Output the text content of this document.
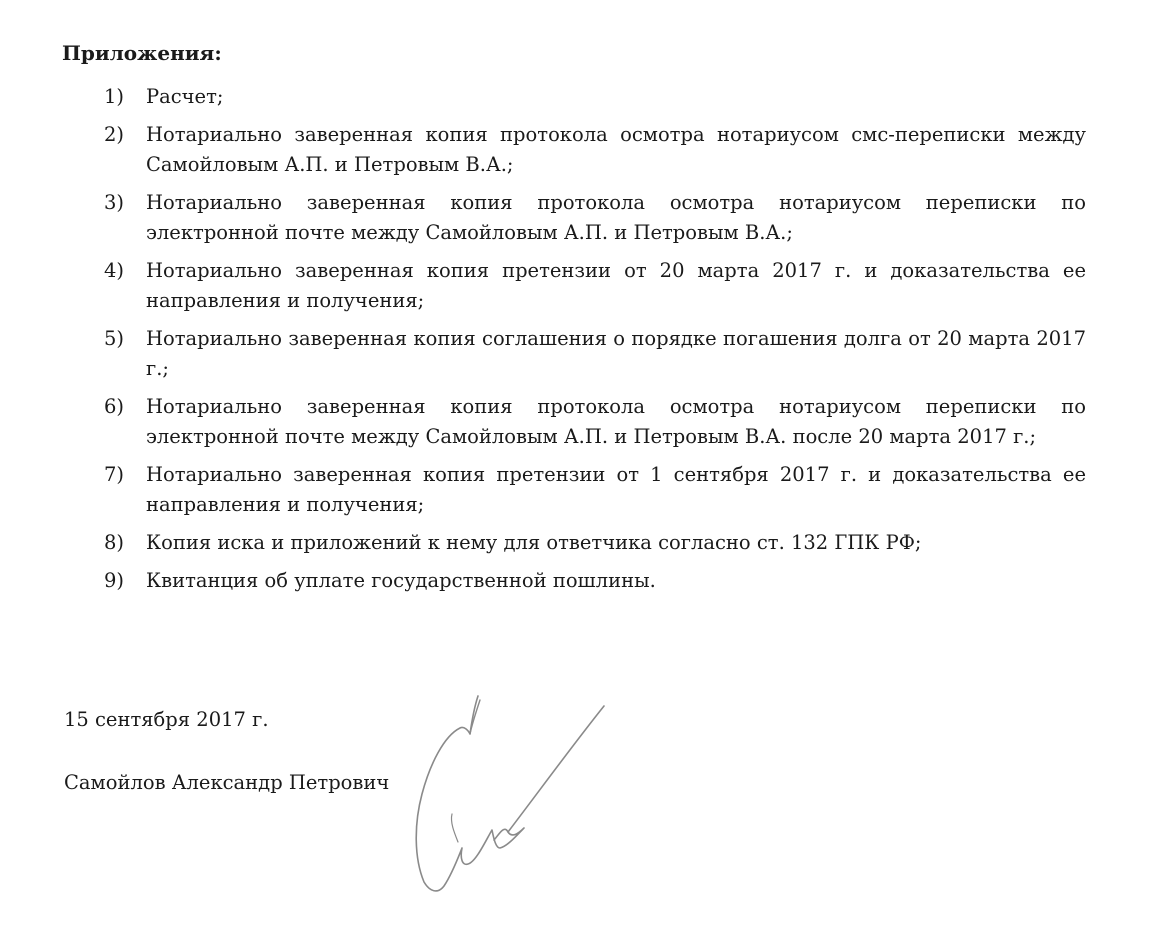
Приложения:

1)	Расчет;
2)	Нотариально заверенная копия протокола осмотра нотариусом смс-переписки между Самойловым А.П. и Петровым В.А.;
3)	Нотариально заверенная копия протокола осмотра нотариусом переписки по электронной почте между Самойловым А.П. и Петровым В.А.;
4)	Нотариально заверенная копия претензии от 20 марта 2017 г. и доказательства ее направления и получения;
5)	Нотариально заверенная копия соглашения о порядке погашения долга от 20 марта 2017 г.;
6)	Нотариально заверенная копия протокола осмотра нотариусом переписки по электронной почте между Самойловым А.П. и Петровым В.А. после 20 марта 2017 г.;
7)	Нотариально заверенная копия претензии от 1 сентября 2017 г. и доказательства ее направления и получения;
8)	Копия иска и приложений к нему для ответчика согласно ст. 132 ГПК РФ;
9)	Квитанция об уплате государственной пошлины.

15 сентября 2017 г.

Самойлов Александр Петрович
